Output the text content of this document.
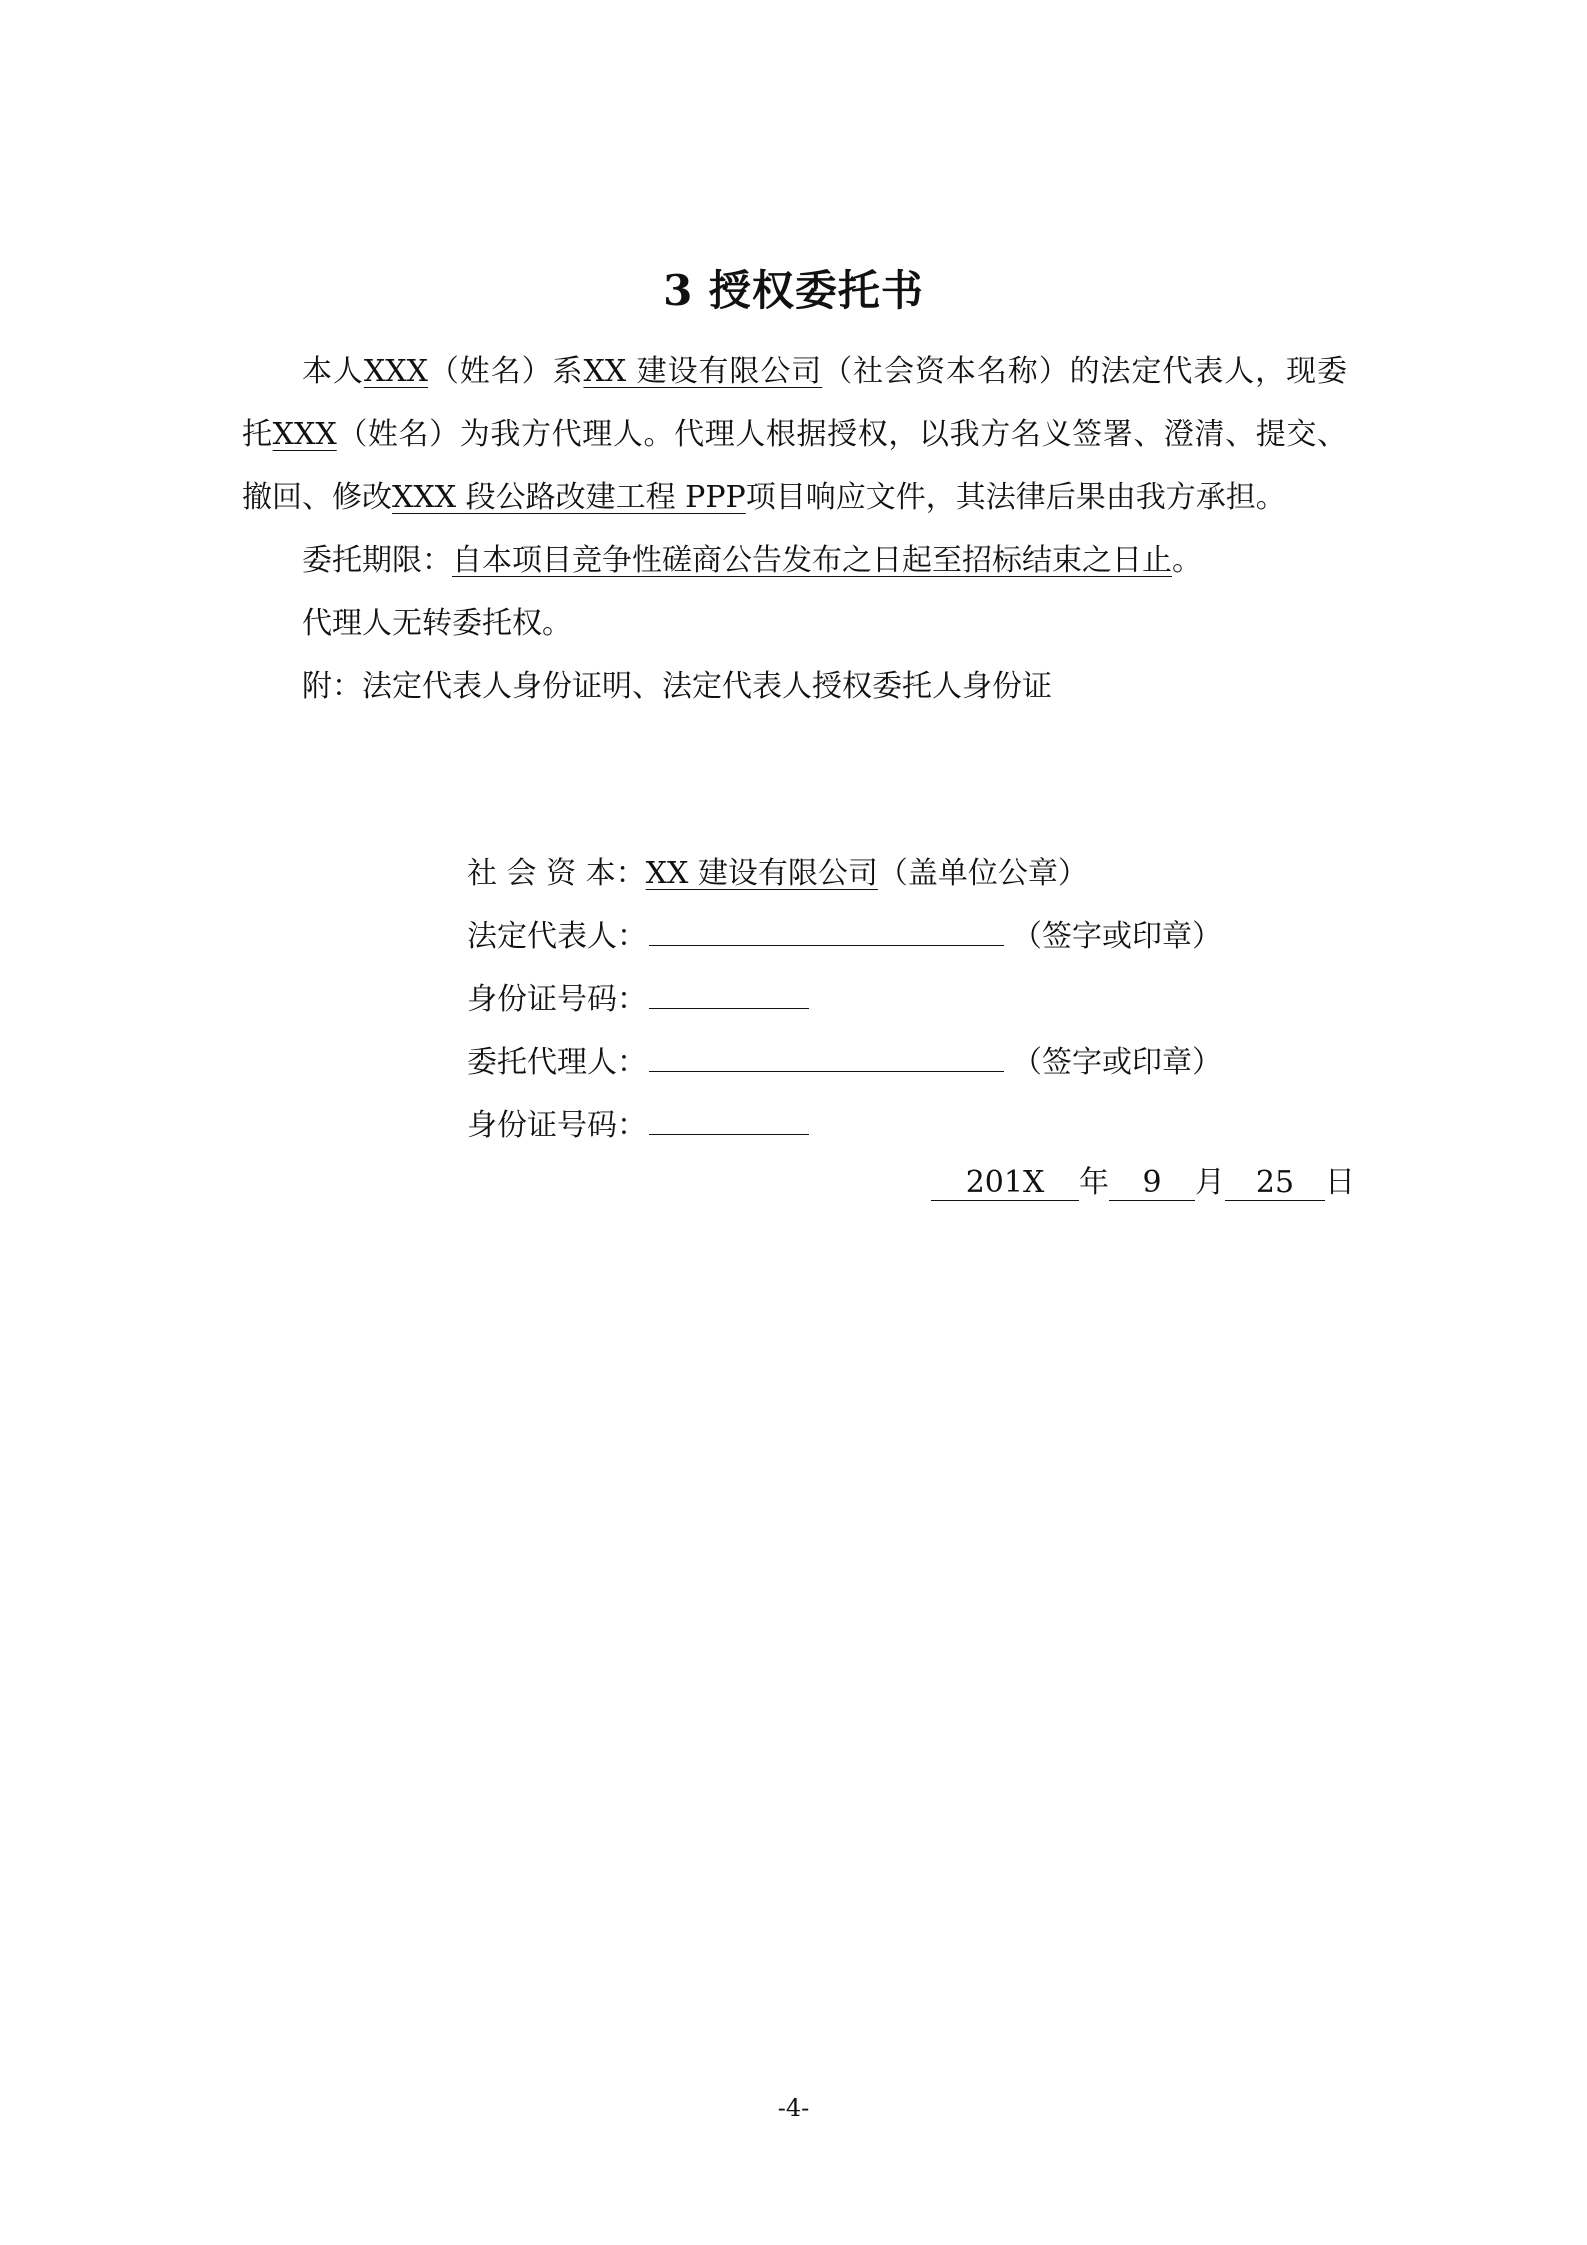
3 授权委托书

本人XXX（姓名）系XX 建设有限公司（社会资本名称）的法定代表人，现委托XXX（姓名）为我方代理人。代理人根据授权，以我方名义签署、澄清、提交、撤回、修改XXX 段公路改建工程 PPP项目响应文件，其法律后果由我方承担。

委托期限：自本项目竞争性磋商公告发布之日起至招标结束之日止。

代理人无转委托权。

附：法定代表人身份证明、法定代表人授权委托人身份证

社 会 资 本： XX 建设有限公司 （盖单位公章）
法定代表人：	（签字或印章）
身份证号码：
委托代理人：	（签字或印章）
身份证号码：
201X 年 9 月 25 日
-4-
